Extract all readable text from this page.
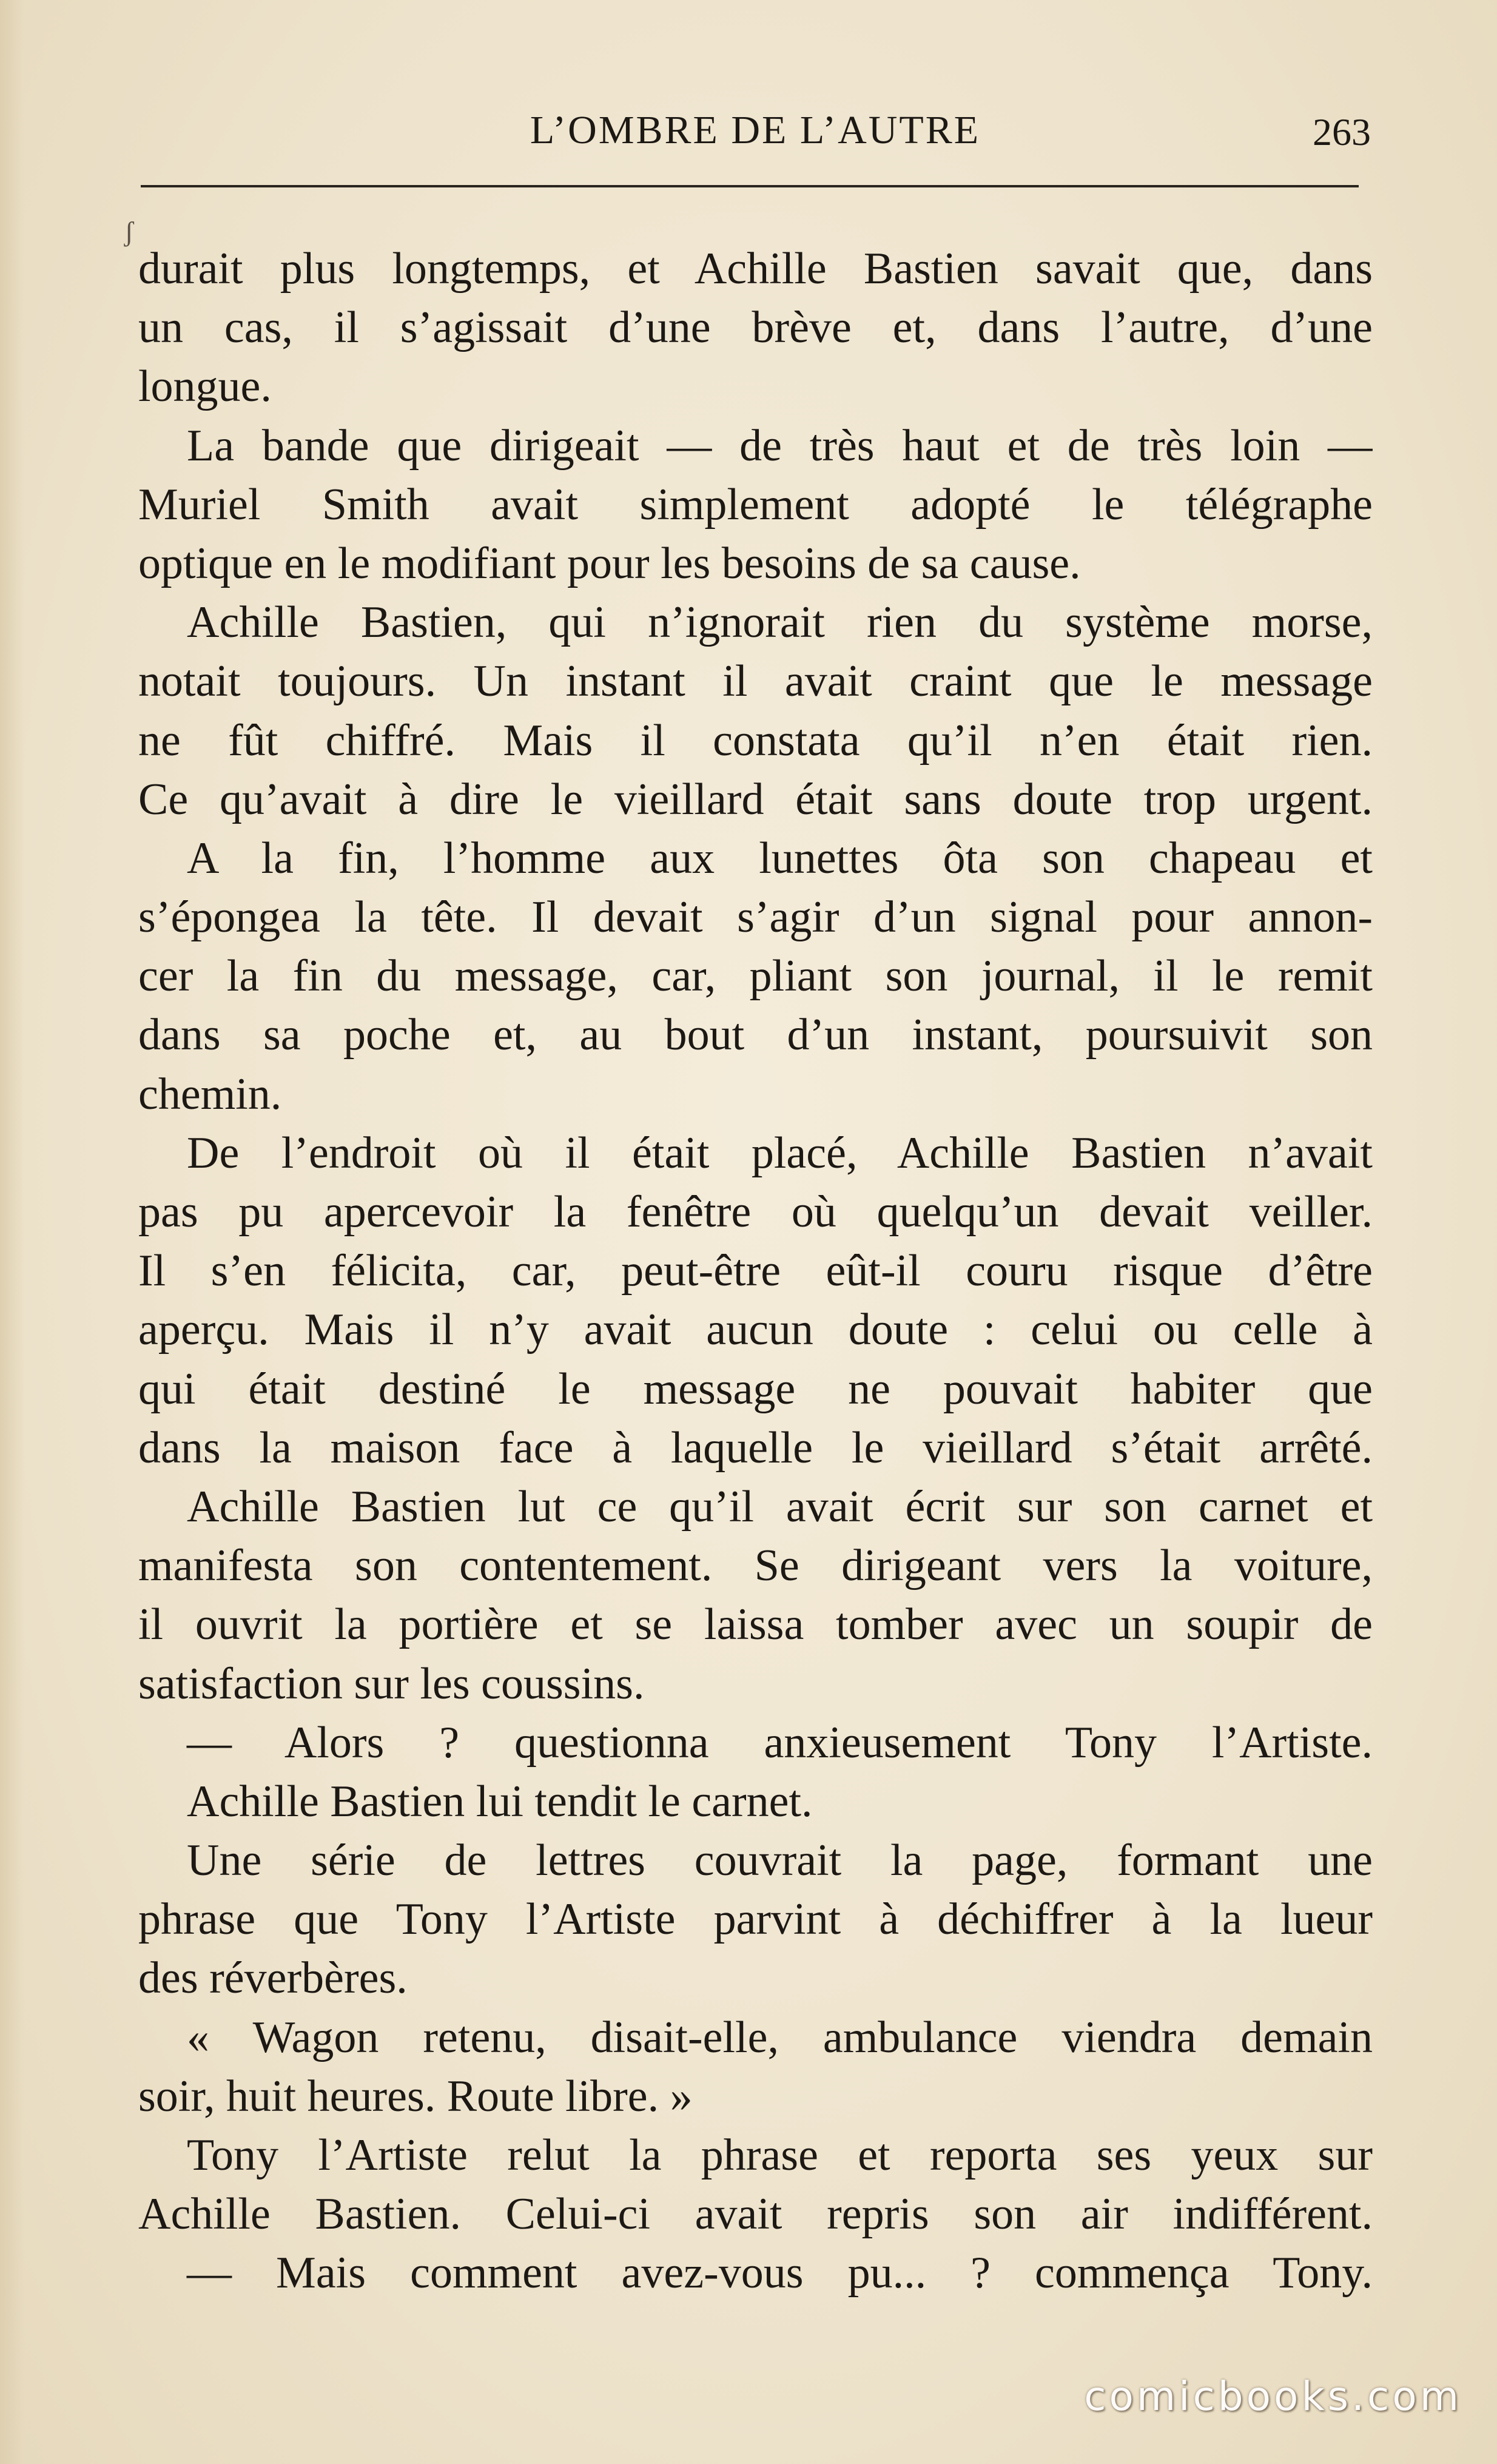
L’OMBRE DE L’AUTRE	263
ʃ
durait plus longtemps, et Achille Bastien savait que, dans
un cas, il s’agissait d’une brève et, dans l’autre, d’une
longue.
La bande que dirigeait — de très haut et de très loin —
Muriel Smith avait simplement adopté le télégraphe
optique en le modifiant pour les besoins de sa cause.
Achille Bastien, qui n’ignorait rien du système morse,
notait toujours. Un instant il avait craint que le message
ne fût chiffré. Mais il constata qu’il n’en était rien.
Ce qu’avait à dire le vieillard était sans doute trop urgent.
A la fin, l’homme aux lunettes ôta son chapeau et
s’épongea la tête. Il devait s’agir d’un signal pour annon-
cer la fin du message, car, pliant son journal, il le remit
dans sa poche et, au bout d’un instant, poursuivit son
chemin.
De l’endroit où il était placé, Achille Bastien n’avait
pas pu apercevoir la fenêtre où quelqu’un devait veiller.
Il s’en félicita, car, peut-être eût-il couru risque d’être
aperçu. Mais il n’y avait aucun doute : celui ou celle à
qui était destiné le message ne pouvait habiter que
dans la maison face à laquelle le vieillard s’était arrêté.
Achille Bastien lut ce qu’il avait écrit sur son carnet et
manifesta son contentement. Se dirigeant vers la voiture,
il ouvrit la portière et se laissa tomber avec un soupir de
satisfaction sur les coussins.
— Alors ? questionna anxieusement Tony l’Artiste.
Achille Bastien lui tendit le carnet.
Une série de lettres couvrait la page, formant une
phrase que Tony l’Artiste parvint à déchiffrer à la lueur
des réverbères.
« Wagon retenu, disait-elle, ambulance viendra demain
soir, huit heures. Route libre. »
Tony l’Artiste relut la phrase et reporta ses yeux sur
Achille Bastien. Celui-ci avait repris son air indifférent.
— Mais comment avez-vous pu... ? commença Tony.
comicbooks.com
